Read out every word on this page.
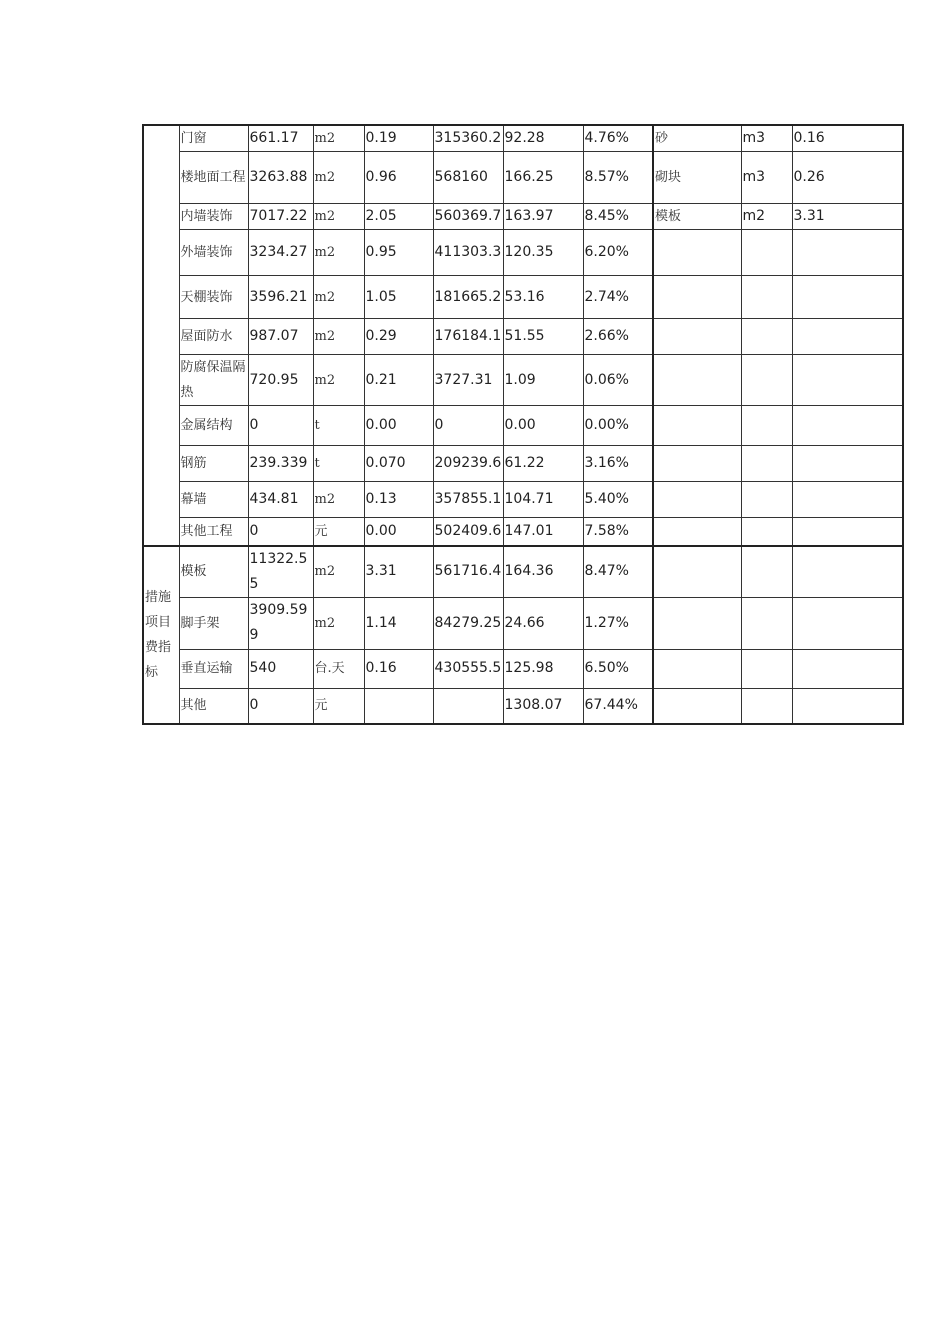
	门窗	661.17	m2	0.19	315360.2	92.28	4.76%	砂	m3	0.16
	楼地面工程	3263.88	m2	0.96	568160	166.25	8.57%	砌块	m3	0.26
	内墙装饰	7017.22	m2	2.05	560369.7	163.97	8.45%	模板	m2	3.31
	外墙装饰	3234.27	m2	0.95	411303.3	120.35	6.20%			
	天棚装饰	3596.21	m2	1.05	181665.2	53.16	2.74%			
	屋面防水	987.07	m2	0.29	176184.1	51.55	2.66%			
	防腐保温隔热	720.95	m2	0.21	3727.31	1.09	0.06%			
	金属结构	0	t	0.00	0	0.00	0.00%			
	钢筋	239.339	t	0.070	209239.6	61.22	3.16%			
	幕墙	434.81	m2	0.13	357855.1	104.71	5.40%			
	其他工程	0	元	0.00	502409.6	147.01	7.58%			
措施项目费指标	模板	11322.55	m2	3.31	561716.4	164.36	8.47%			
	脚手架	3909.599	m2	1.14	84279.25	24.66	1.27%			
	垂直运输	540	台.天	0.16	430555.5	125.98	6.50%			
	其他	0	元			1308.07	67.44%			
